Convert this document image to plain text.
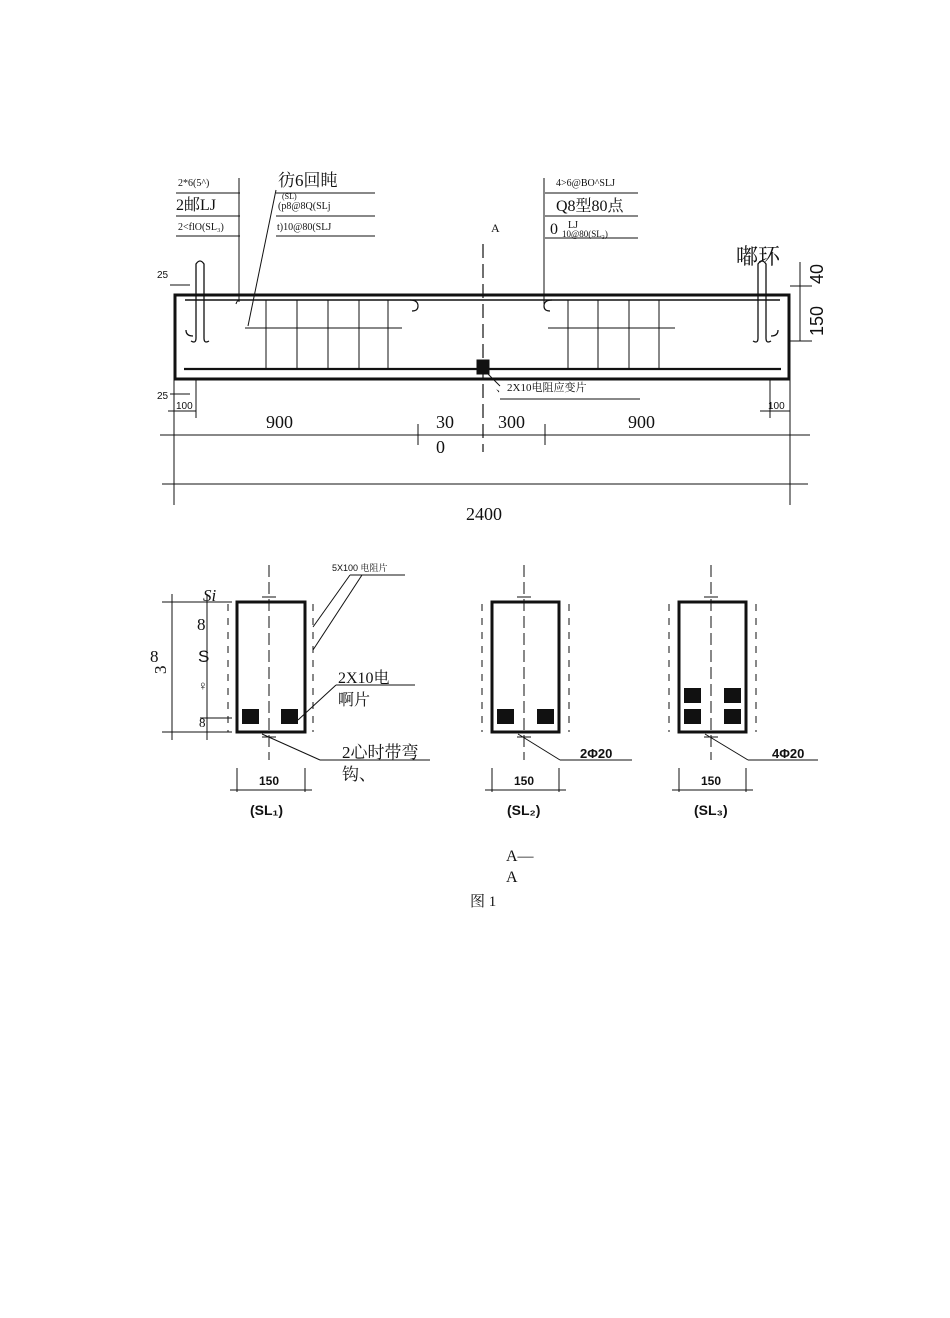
2*6(5^)
2邮LJ
2<flO(SL₃)
彷6回盹
(SL)
(p8@8Q(SLj
t)10@80(SLJ	A
4>6@BO^SLJ
Q8型80点
0 LJ
10@80(SL₃)
嘟环
40
150
25
25
、2X10电阻应变片
100	100
900	30
0
300	900
2400
5X100 电阻片
Si
8
S
♀
8
8
3
2X10电
啊片
2心时带弯
钩、
2Φ20	4Φ20
150	150	150
(SL₁)	(SL₂)	(SL₃)
A—
A
图 1
